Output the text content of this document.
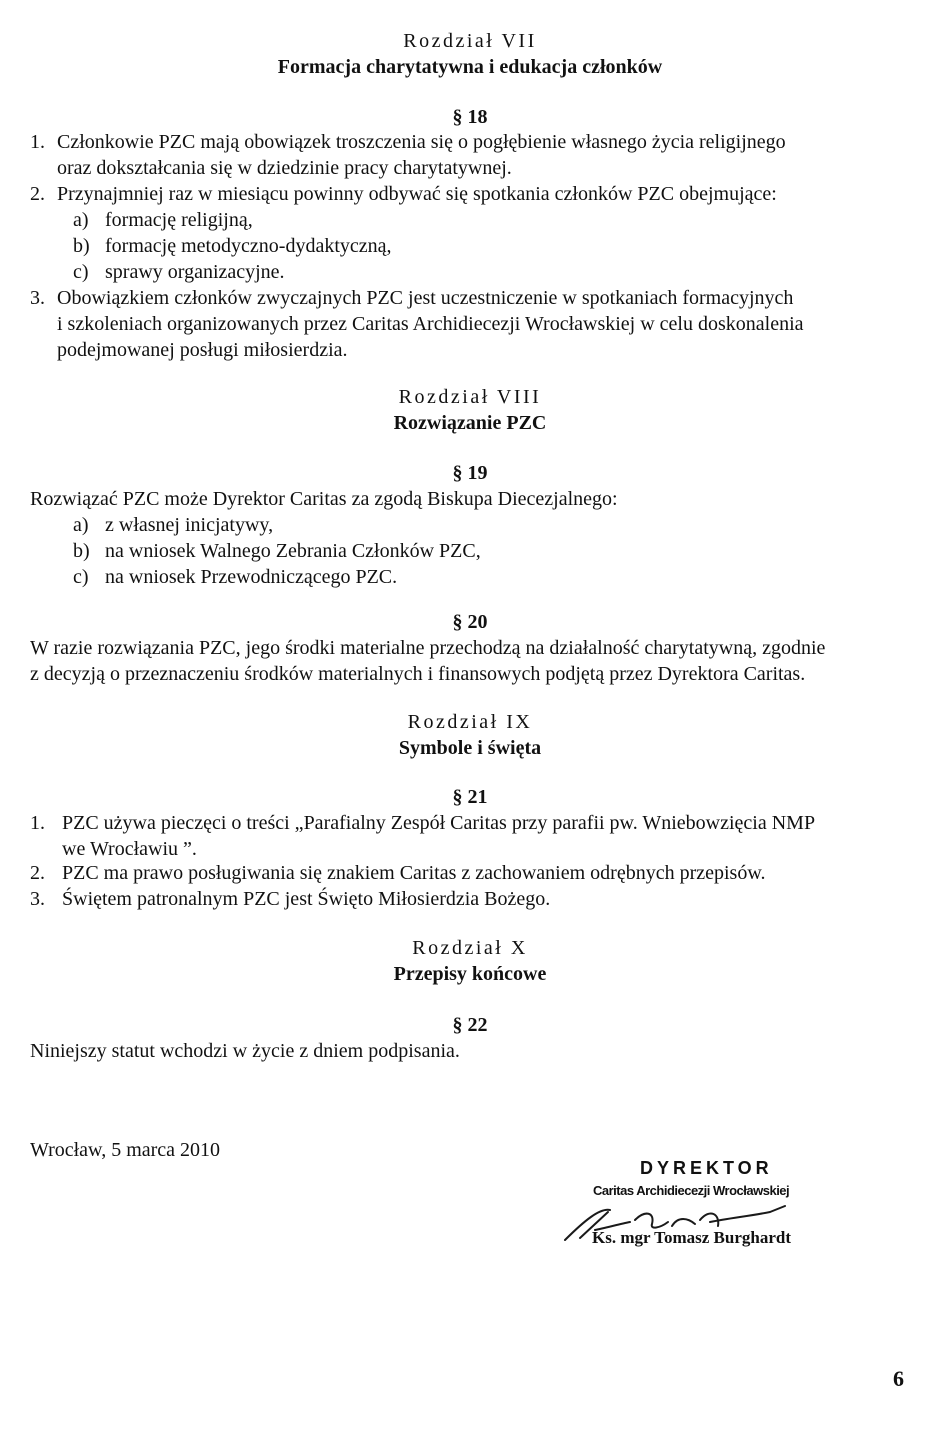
Rozdział VII
Formacja charytatywna i edukacja członków
§ 18
1. Członkowie PZC mają obowiązek troszczenia się o pogłębienie własnego życia religijnego
oraz dokształcania się w dziedzinie pracy charytatywnej.
2. Przynajmniej raz w miesiącu powinny odbywać się spotkania członków PZC obejmujące:
a) formację religijną,
b) formację metodyczno-dydaktyczną,
c) sprawy organizacyjne.
3. Obowiązkiem członków zwyczajnych PZC jest uczestniczenie w spotkaniach formacyjnych
i szkoleniach organizowanych przez Caritas Archidiecezji Wrocławskiej w celu doskonalenia
podejmowanej posługi miłosierdzia.
Rozdział VIII
Rozwiązanie PZC
§ 19
Rozwiązać PZC może Dyrektor Caritas za zgodą Biskupa Diecezjalnego:
a) z własnej inicjatywy,
b) na wniosek Walnego Zebrania Członków PZC,
c) na wniosek Przewodniczącego PZC.
§ 20
W razie rozwiązania PZC, jego środki materialne przechodzą na działalność charytatywną, zgodnie
z decyzją o przeznaczeniu środków materialnych i finansowych podjętą przez Dyrektora Caritas.
Rozdział IX
Symbole i święta
§ 21
1. PZC używa pieczęci o treści „Parafialny Zespół Caritas przy parafii pw. Wniebowzięcia NMP
we Wrocławiu ”.
2. PZC ma prawo posługiwania się znakiem Caritas z zachowaniem odrębnych przepisów.
3. Świętem patronalnym PZC jest Święto Miłosierdzia Bożego.
Rozdział X
Przepisy końcowe
§ 22
Niniejszy statut wchodzi w życie z dniem podpisania.
Wrocław, 5 marca 2010
DYREKTOR
Caritas Archidiecezji Wrocławskiej
Ks. mgr Tomasz Burghardt
6
